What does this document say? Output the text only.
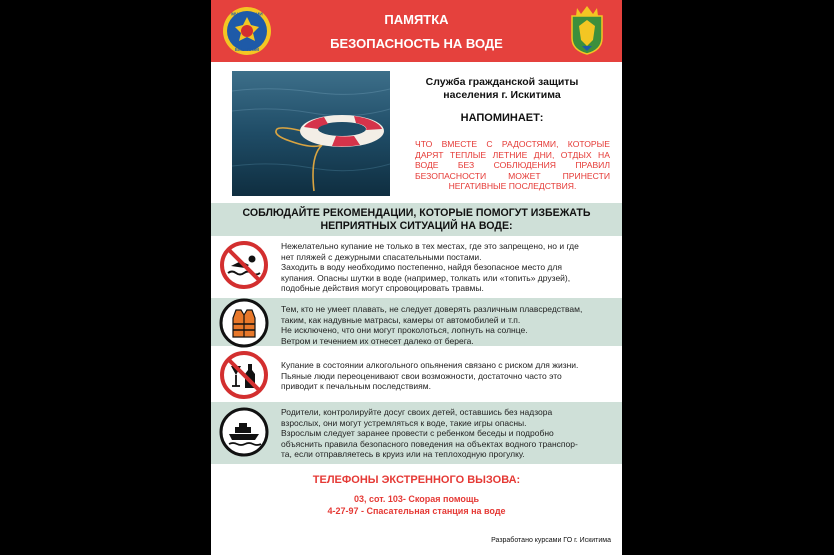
МЧС РОССИИ
EMERCOM
ПАМЯТКА
БЕЗОПАСНОСТЬ НА ВОДЕ
Служба гражданской защиты
населения г. Искитима
НАПОМИНАЕТ:
ЧТО ВМЕСТЕ С РАДОСТЯМИ, КОТОРЫЕ ДАРЯТ ТЕПЛЫЕ ЛЕТНИЕ ДНИ, ОТДЫХ НА ВОДЕ БЕЗ СОБЛЮДЕНИЯ ПРАВИЛ БЕЗОПАСНОСТИ МОЖЕТ ПРИНЕСТИ НЕГАТИВНЫЕ ПОСЛЕДСТВИЯ.
СОБЛЮДАЙТЕ РЕКОМЕНДАЦИИ, КОТОРЫЕ ПОМОГУТ ИЗБЕЖАТЬ
НЕПРИЯТНЫХ СИТУАЦИЙ НА ВОДЕ:
Нежелательно купание не только в тех местах, где это запрещено, но и где
нет пляжей с дежурными спасательными постами.
Заходить в воду необходимо постепенно, найдя безопасное место для
купания. Опасны шутки в воде (например, толкать или «топить» друзей),
подобные действия могут спровоцировать травмы.
Тем, кто не умеет плавать, не следует доверять различным плавсредствам,
таким, как надувные матрасы, камеры от автомобилей и т.п.
Не исключено, что они могут проколоться, лопнуть на солнце.
Ветром и течением их отнесет далеко от берега.
Купание в состоянии алкогольного опьянения связано с риском для жизни.
Пьяные люди переоценивают свои возможности, достаточно часто это
приводит к печальным последствиям.
Родители, контролируйте досуг своих детей, оставшись без надзора
взрослых, они могут устремляться к воде, такие игры опасны.
Взрослым следует заранее провести с ребенком беседы и подробно
объяснить правила безопасного поведения на объектах водного транспор-
та, если отправляетесь в круиз или на теплоходную прогулку.
ТЕЛЕФОНЫ ЭКСТРЕННОГО ВЫЗОВА:
03, сот. 103- Скорая помощь
4-27-97 - Спасательная станция на воде
Разработано курсами ГО г. Искитима
